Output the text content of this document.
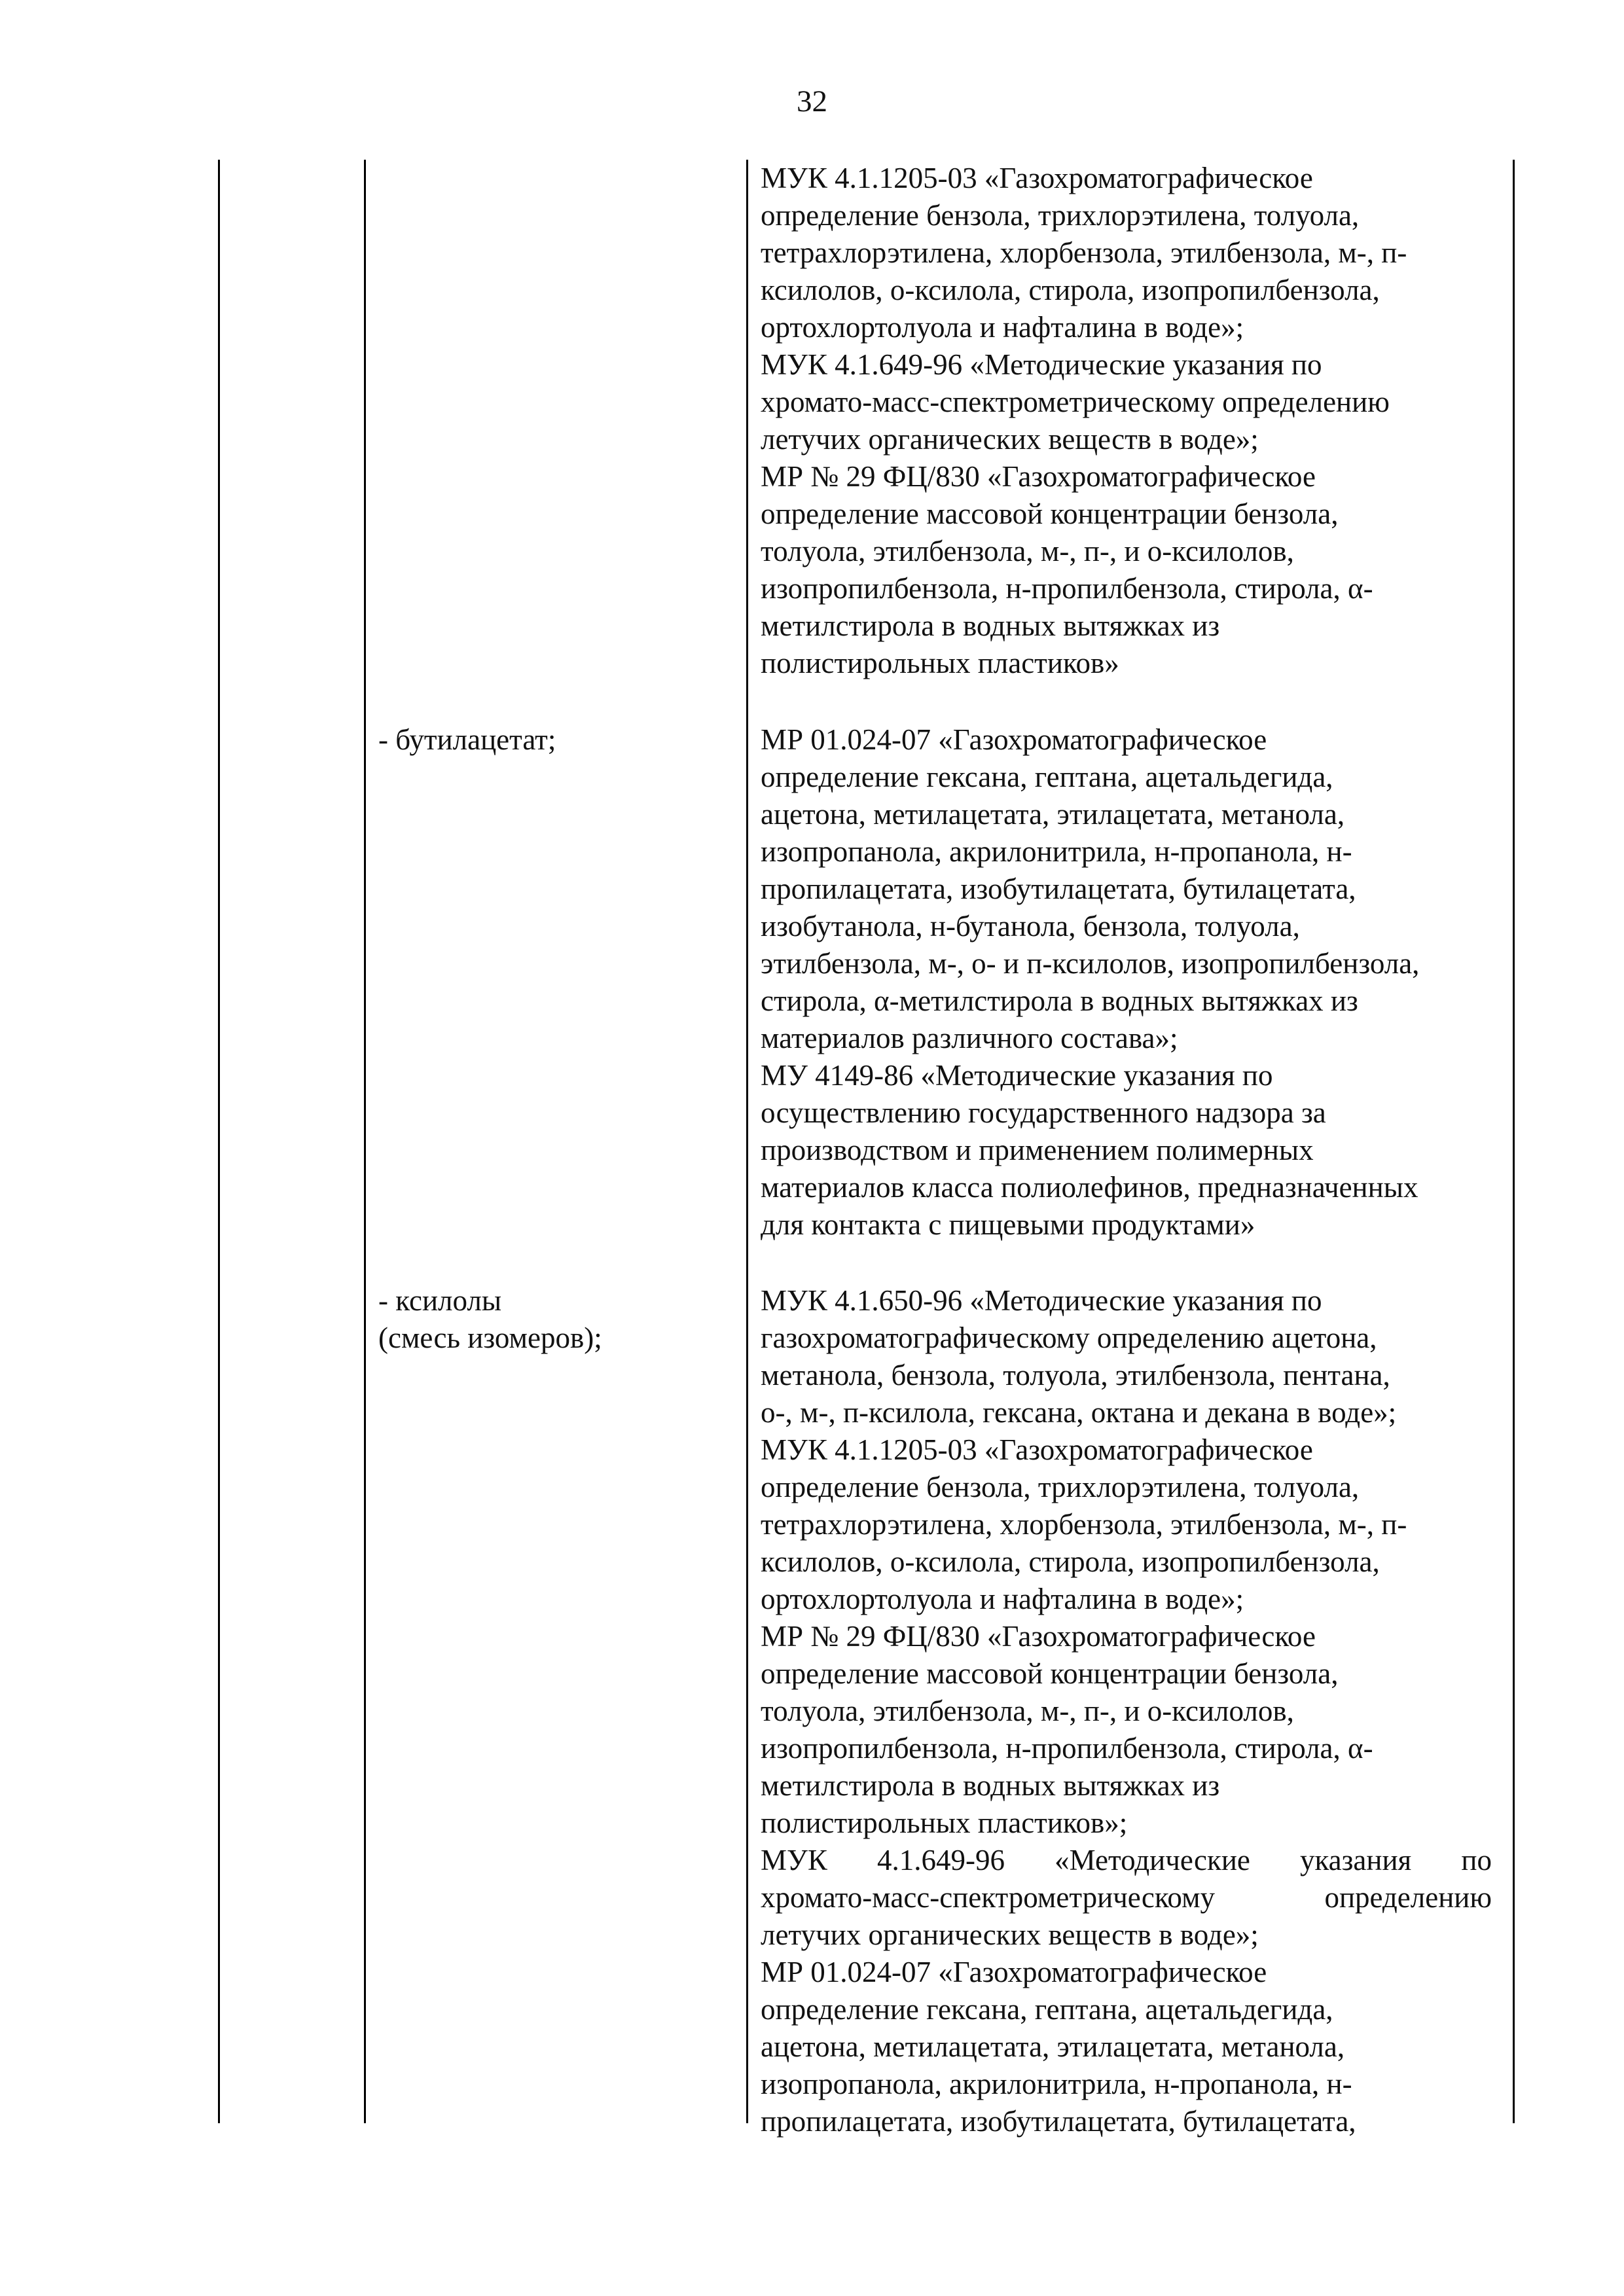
32
МУК 4.1.1205-03 «Газохроматографическое
определение бензола, трихлорэтилена, толуола,
тетрахлорэтилена, хлорбензола, этилбензола, м-, п-
ксилолов, о-ксилола, стирола, изопропилбензола,
ортохлортолуола и нафталина в воде»;
МУК 4.1.649-96 «Методические указания по
хромато-масс-спектрометрическому определению
летучих органических веществ в воде»;
МР № 29 ФЦ/830 «Газохроматографическое
определение массовой концентрации бензола,
толуола, этилбензола, м-, п-, и о-ксилолов,
изопропилбензола, н-пропилбензола, стирола, α-
метилстирола в водных вытяжках из
полистирольных пластиков»
- бутилацетат;	МР 01.024-07 «Газохроматографическое
определение гексана, гептана, ацетальдегида,
ацетона, метилацетата, этилацетата, метанола,
изопропанола, акрилонитрила, н-пропанола, н-
пропилацетата, изобутилацетата, бутилацетата,
изобутанола, н-бутанола, бензола, толуола,
этилбензола, м-, о- и п-ксилолов, изопропилбензола,
стирола, α-метилстирола в водных вытяжках из
материалов различного состава»;
МУ 4149-86 «Методические указания по
осуществлению государственного надзора за
производством и применением полимерных
материалов класса полиолефинов, предназначенных
для контакта с пищевыми продуктами»
- ксилолы
(смесь изомеров);
МУК 4.1.650-96 «Методические указания по
газохроматографическому определению ацетона,
метанола, бензола, толуола, этилбензола, пентана,
о-, м-, п-ксилола, гексана, октана и декана в воде»;
МУК 4.1.1205-03 «Газохроматографическое
определение бензола, трихлорэтилена, толуола,
тетрахлорэтилена, хлорбензола, этилбензола, м-, п-
ксилолов, о-ксилола, стирола, изопропилбензола,
ортохлортолуола и нафталина в воде»;
МР № 29 ФЦ/830 «Газохроматографическое
определение массовой концентрации бензола,
толуола, этилбензола, м-, п-, и о-ксилолов,
изопропилбензола, н-пропилбензола, стирола, α-
метилстирола в водных вытяжках из
полистирольных пластиков»;
МУК 4.1.649-96 «Методические указания по
хромато-масс-спектрометрическому	определению
летучих органических веществ в воде»;
МР 01.024-07 «Газохроматографическое
определение гексана, гептана, ацетальдегида,
ацетона, метилацетата, этилацетата, метанола,
изопропанола, акрилонитрила, н-пропанола, н-
пропилацетата, изобутилацетата, бутилацетата,
